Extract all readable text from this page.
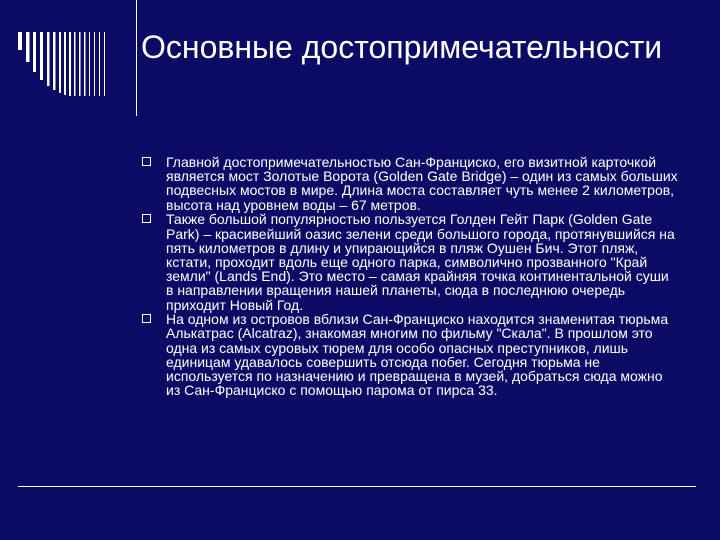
Основные достопримечательности
Главной достопримечательностью Сан-Франциско, его визитной карточкой является мост Золотые Ворота (Golden Gate Bridge) – один из самых больших подвесных мостов в мире. Длина моста составляет чуть менее 2 километров, высота над уровнем воды – 67 метров.
Также большой популярностью пользуется Голден Гейт Парк (Golden Gate Park) – красивейший оазис зелени среди большого города, протянувшийся на пять километров в длину и упирающийся в пляж Оушен Бич. Этот пляж, кстати, проходит вдоль еще одного парка, символично прозванного "Край земли" (Lands End). Это место – самая крайняя точка континентальной суши в направлении вращения нашей планеты, сюда в последнюю очередь приходит Новый Год.
На одном из островов вблизи Сан-Франциско находится знаменитая тюрьма Алькатрас (Alcatraz), знакомая многим по фильму "Скала". В прошлом это одна из самых суровых тюрем для особо опасных преступников, лишь единицам удавалось совершить отсюда побег. Сегодня тюрьма не используется по назначению и превращена в музей, добраться сюда можно из Сан-Франциско с помощью парома от пирса 33.
